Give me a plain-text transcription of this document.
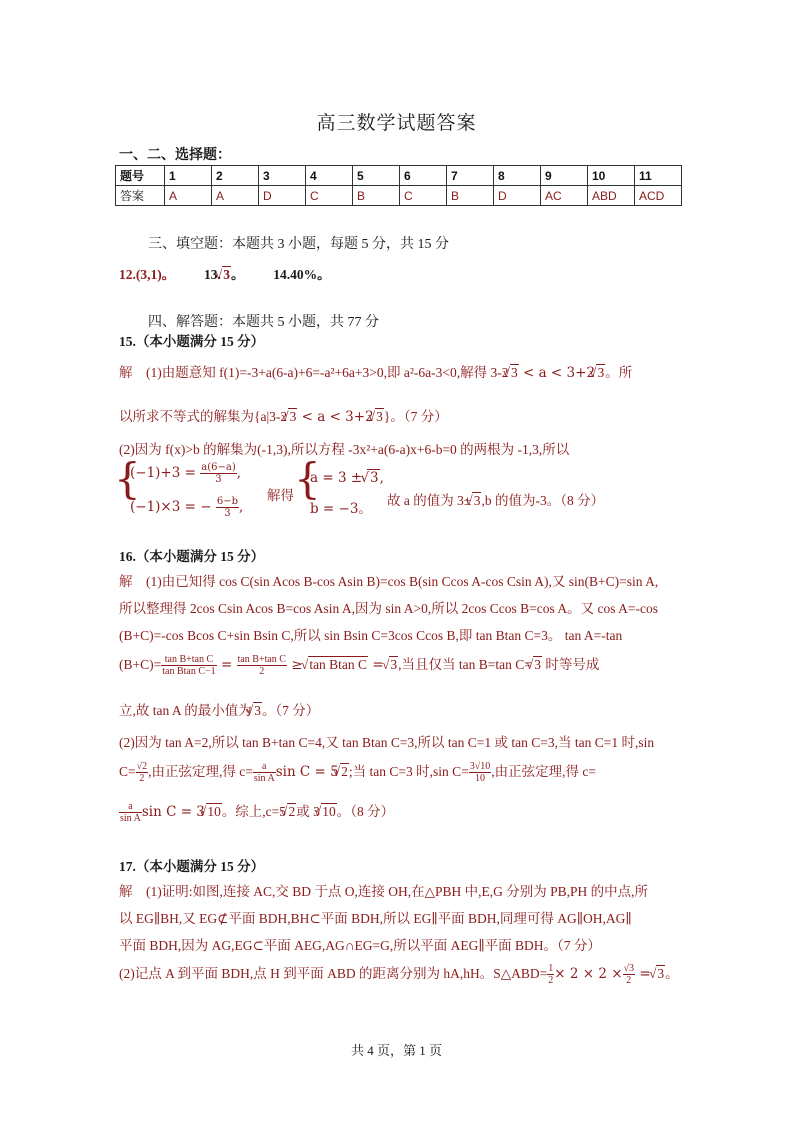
高三数学试题答案
一、二、选择题：
题号	1	2	3	4	5	6	7	8	9	10	11
答案	A	A	D	C	B	C	B	D	AC	ABD	ACD
三、填空题：本题共 3 小题，每题 5 分，共 15 分
12.(3,1)。 13. √ 3。 14.40%。
四、解答题：本题共 5 小题，共 77 分
15.（本小题满分 15 分）
解　(1)由题意知 f(1)=-3+a(6-a)+6=-a²+6a+3>0,即 a²-6a-3<0,解得 3-2 √ 3 < a < 3+2 √ 3。所
以所求不等式的解集为{a|3-2 √ 3 < a < 3+2 √ 3}。（7 分）
(2)因为 f(x)>b 的解集为(-1,3),所以方程 -3x²+a(6-a)x+6-b=0 的两根为 -1,3,所以
{
$(-1)+3 = \frac{a(6-a)}{3}$ ,
(−1)×3 = − $\frac{6-b}{3}$ ,
解得 {
a = 3 ± √ 3,
b = −3。
故 a 的值为 3± √ 3,b 的值为-3。（8 分）
16.（本小题满分 15 分）
解　(1)由已知得 cos C(sin Acos B-cos Asin B)=cos B(sin Ccos A-cos Csin A),又 sin(B+C)=sin A,
所以整理得 2cos Csin Acos B=cos Asin A,因为 sin A>0,所以 2cos Ccos B=cos A。又 cos A=-cos
(B+C)=-cos Bcos C+sin Bsin C,所以 sin Bsin C=3cos Ccos B,即 tan Btan C=3。 tan A=-tan
$(B+C)= \frac{\text{tan B+tan C}}{\text{tan Btan C−1}} = \frac{\text{tan B+tan C}}{2}$ ≥ √ tan Btan C = √ 3,当且仅当 tan B=tan C= √ 3 时等号成
立,故 tan A 的最小值为 √ 3。（7 分）
(2)因为 tan A=2,所以 tan B+tan C=4,又 tan Btan C=3,所以 tan C=1 或 tan C=3,当 tan C=1 时,sin
$C= \frac{√2}{2}$ ,由正弦定理,得 $c= \frac{a}{\text{sin A}}$ sin C = 5 √ 2;当 tan C=3 时,sin $C= \frac{3√10}{10}$ ,由正弦定理,得 c=
$\frac{a}{\text{sin A}}$ sin C = 3 √ 10。综上,c=5 √ 2或 3 √ 10。（8 分）
17.（本小题满分 15 分）
解　(1)证明:如图,连接 AC,交 BD 于点 O,连接 OH,在△PBH 中,E,G 分别为 PB,PH 的中点,所
以 EG∥BH,又 EG⊄平面 BDH,BH⊂平面 BDH,所以 EG∥平面 BDH,同理可得 AG∥OH,AG∥
平面 BDH,因为 AG,EG⊂平面 AEG,AG∩EG=G,所以平面 AEG∥平面 BDH。（7 分）
(2)记点 A 到平面 BDH,点 H 到平面 ABD 的距离分别为 hA,hH。S△ABD= $\frac{1}{2} \times 2 \times 2 \times \frac{√3}{2}$ = √ 3。
共 4 页，第 1 页
